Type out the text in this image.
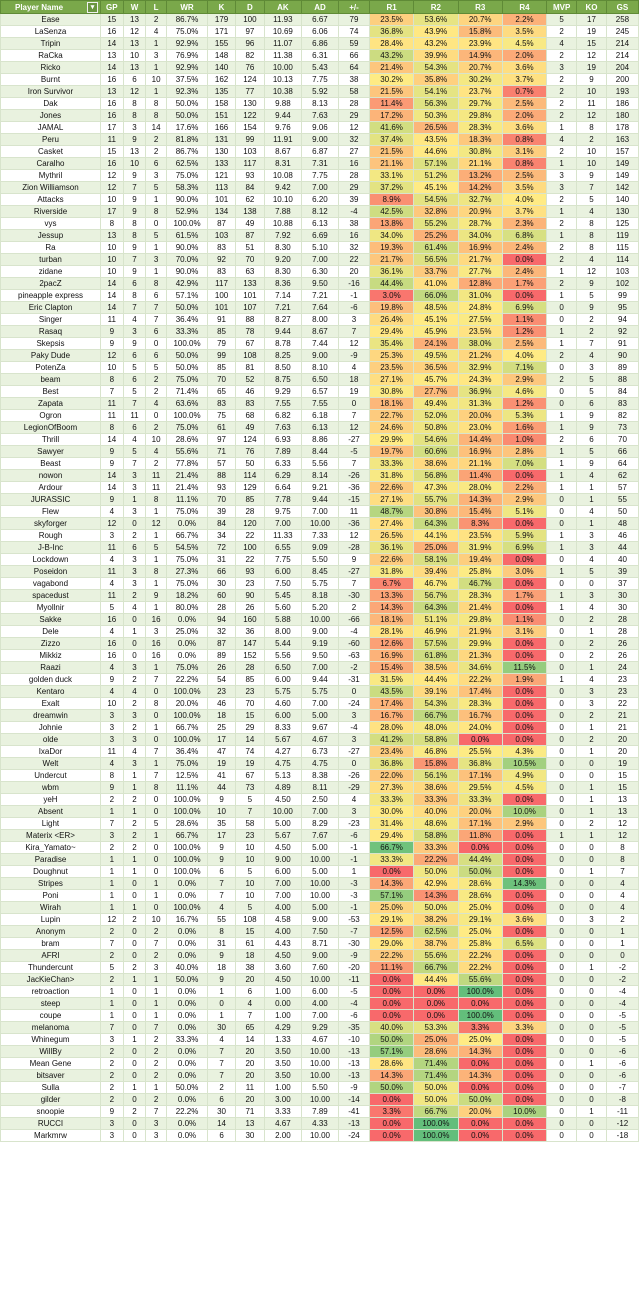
Player Name ▾	GP	W	L	WR	K	D	AK	AD	+/-	R1	R2	R3	R4	MVP	KO	GS
Ease	15	13	2	86.7%	179	100	11.93	6.67	79	23.5%	53.6%	20.7%	2.2%	5	17	258
LaSenza	16	12	4	75.0%	171	97	10.69	6.06	74	36.8%	43.9%	15.8%	3.5%	2	19	245
Tripin	14	13	1	92.9%	155	96	11.07	6.86	59	28.4%	43.2%	23.9%	4.5%	4	15	214
RaCka	13	10	3	76.9%	148	82	11.38	6.31	66	43.2%	39.9%	14.9%	2.0%	2	12	214
Ricko	14	13	1	92.9%	140	76	10.00	5.43	64	21.4%	54.3%	20.7%	3.6%	3	19	204
Burnt	16	6	10	37.5%	162	124	10.13	7.75	38	30.2%	35.8%	30.2%	3.7%	2	9	200
Iron Survivor	13	12	1	92.3%	135	77	10.38	5.92	58	21.5%	54.1%	23.7%	0.7%	2	10	193
Dak	16	8	8	50.0%	158	130	9.88	8.13	28	11.4%	56.3%	29.7%	2.5%	2	11	186
Jones	16	8	8	50.0%	151	122	9.44	7.63	29	17.2%	50.3%	29.8%	2.0%	2	12	180
JAMAL	17	3	14	17.6%	166	154	9.76	9.06	12	41.6%	26.5%	28.3%	3.6%	1	8	178
Peru	11	9	2	81.8%	131	99	11.91	9.00	32	37.4%	43.5%	18.3%	0.8%	4	2	163
Casket	15	13	2	86.7%	130	103	8.67	6.87	27	21.5%	44.6%	30.8%	3.1%	2	10	157
Caralho	16	10	6	62.5%	133	117	8.31	7.31	16	21.1%	57.1%	21.1%	0.8%	1	10	149
Mythril	12	9	3	75.0%	121	93	10.08	7.75	28	33.1%	51.2%	13.2%	2.5%	3	9	149
Zion Williamson	12	7	5	58.3%	113	84	9.42	7.00	29	37.2%	45.1%	14.2%	3.5%	3	7	142
Attacks	10	9	1	90.0%	101	62	10.10	6.20	39	8.9%	54.5%	32.7%	4.0%	2	5	140
Riverside	17	9	8	52.9%	134	138	7.88	8.12	-4	42.5%	32.8%	20.9%	3.7%	1	4	130
vys	8	8	0	100.0%	87	49	10.88	6.13	38	13.8%	55.2%	28.7%	2.3%	2	8	125
Jessup	13	8	5	61.5%	103	87	7.92	6.69	16	34.0%	25.2%	34.0%	6.8%	1	8	119
Ra	10	9	1	90.0%	83	51	8.30	5.10	32	19.3%	61.4%	16.9%	2.4%	2	8	115
turban	10	7	3	70.0%	92	70	9.20	7.00	22	21.7%	56.5%	21.7%	0.0%	2	4	114
zidane	10	9	1	90.0%	83	63	8.30	6.30	20	36.1%	33.7%	27.7%	2.4%	1	12	103
2pacZ	14	6	8	42.9%	117	133	8.36	9.50	-16	44.4%	41.0%	12.8%	1.7%	2	9	102
pineapple express	14	8	6	57.1%	100	101	7.14	7.21	-1	3.0%	66.0%	31.0%	0.0%	1	5	99
Eric Clapton	14	7	7	50.0%	101	107	7.21	7.64	-6	19.8%	48.5%	24.8%	6.9%	0	9	95
Singer	11	4	7	36.4%	91	88	8.27	8.00	3	26.4%	45.1%	27.5%	1.1%	0	2	94
Rasaq	9	3	6	33.3%	85	78	9.44	8.67	7	29.4%	45.9%	23.5%	1.2%	1	2	92
Skepsis	9	9	0	100.0%	79	67	8.78	7.44	12	35.4%	24.1%	38.0%	2.5%	1	7	91
Paky Dude	12	6	6	50.0%	99	108	8.25	9.00	-9	25.3%	49.5%	21.2%	4.0%	2	4	90
PotenZa	10	5	5	50.0%	85	81	8.50	8.10	4	23.5%	36.5%	32.9%	7.1%	0	3	89
beam	8	6	2	75.0%	70	52	8.75	6.50	18	27.1%	45.7%	24.3%	2.9%	2	5	88
Best	7	5	2	71.4%	65	46	9.29	6.57	19	30.8%	27.7%	36.9%	4.6%	0	5	84
Zapata	11	7	4	63.6%	83	83	7.55	7.55	0	18.1%	49.4%	31.3%	1.2%	0	6	83
Ogron	11	11	0	100.0%	75	68	6.82	6.18	7	22.7%	52.0%	20.0%	5.3%	1	9	82
LegionOfBoom	8	6	2	75.0%	61	49	7.63	6.13	12	24.6%	50.8%	23.0%	1.6%	1	9	73
Thrill	14	4	10	28.6%	97	124	6.93	8.86	-27	29.9%	54.6%	14.4%	1.0%	2	6	70
Sawyer	9	5	4	55.6%	71	76	7.89	8.44	-5	19.7%	60.6%	16.9%	2.8%	1	5	66
Beast	9	7	2	77.8%	57	50	6.33	5.56	7	33.3%	38.6%	21.1%	7.0%	1	9	64
nowon	14	3	11	21.4%	88	114	6.29	8.14	-26	31.8%	56.8%	11.4%	0.0%	1	4	62
Ardour	14	3	11	21.4%	93	129	6.64	9.21	-36	22.6%	47.3%	28.0%	2.2%	1	1	57
JURASSIC	9	1	8	11.1%	70	85	7.78	9.44	-15	27.1%	55.7%	14.3%	2.9%	0	1	55
Flew	4	3	1	75.0%	39	28	9.75	7.00	11	48.7%	30.8%	15.4%	5.1%	0	4	50
skyforger	12	0	12	0.0%	84	120	7.00	10.00	-36	27.4%	64.3%	8.3%	0.0%	0	1	48
Rough	3	2	1	66.7%	34	22	11.33	7.33	12	26.5%	44.1%	23.5%	5.9%	1	3	46
J-B-Inc	11	6	5	54.5%	72	100	6.55	9.09	-28	36.1%	25.0%	31.9%	6.9%	1	3	44
Lockdown	4	3	1	75.0%	31	22	7.75	5.50	9	22.6%	58.1%	19.4%	0.0%	0	4	40
Poseidon	11	3	8	27.3%	66	93	6.00	8.45	-27	31.8%	39.4%	25.8%	3.0%	1	5	39
vagabond	4	3	1	75.0%	30	23	7.50	5.75	7	6.7%	46.7%	46.7%	0.0%	0	0	37
spacedust	11	2	9	18.2%	60	90	5.45	8.18	-30	13.3%	56.7%	28.3%	1.7%	1	3	30
Myollnir	5	4	1	80.0%	28	26	5.60	5.20	2	14.3%	64.3%	21.4%	0.0%	1	4	30
Sakke	16	0	16	0.0%	94	160	5.88	10.00	-66	18.1%	51.1%	29.8%	1.1%	0	2	28
Dele	4	1	3	25.0%	32	36	8.00	9.00	-4	28.1%	46.9%	21.9%	3.1%	0	1	28
Zizzo	16	0	16	0.0%	87	147	5.44	9.19	-60	12.6%	57.5%	29.9%	0.0%	0	2	26
Mikkiz	16	0	16	0.0%	89	152	5.56	9.50	-63	16.9%	61.8%	21.3%	0.0%	0	2	26
Raazi	4	3	1	75.0%	26	28	6.50	7.00	-2	15.4%	38.5%	34.6%	11.5%	0	1	24
golden duck	9	2	7	22.2%	54	85	6.00	9.44	-31	31.5%	44.4%	22.2%	1.9%	1	4	23
Kentaro	4	4	0	100.0%	23	23	5.75	5.75	0	43.5%	39.1%	17.4%	0.0%	0	3	23
Exalt	10	2	8	20.0%	46	70	4.60	7.00	-24	17.4%	54.3%	28.3%	0.0%	0	3	22
dreamwin	3	3	0	100.0%	18	15	6.00	5.00	3	16.7%	66.7%	16.7%	0.0%	0	2	21
Johnie	3	2	1	66.7%	25	29	8.33	9.67	-4	28.0%	48.0%	24.0%	0.0%	0	1	21
olde	3	3	0	100.0%	17	14	5.67	4.67	3	41.2%	58.8%	0.0%	0.0%	0	2	20
IxaDor	11	4	7	36.4%	47	74	4.27	6.73	-27	23.4%	46.8%	25.5%	4.3%	0	1	20
Welt	4	3	1	75.0%	19	19	4.75	4.75	0	36.8%	15.8%	36.8%	10.5%	0	0	19
Undercut	8	1	7	12.5%	41	67	5.13	8.38	-26	22.0%	56.1%	17.1%	4.9%	0	0	15
wbm	9	1	8	11.1%	44	73	4.89	8.11	-29	27.3%	38.6%	29.5%	4.5%	0	1	15
yeH	2	2	0	100.0%	9	5	4.50	2.50	4	33.3%	33.3%	33.3%	0.0%	0	1	13
Absent	1	1	0	100.0%	10	7	10.00	7.00	3	30.0%	40.0%	20.0%	10.0%	0	1	13
Light	7	2	5	28.6%	35	58	5.00	8.29	-23	31.4%	48.6%	17.1%	2.9%	0	2	12
Materix <ER>	3	2	1	66.7%	17	23	5.67	7.67	-6	29.4%	58.8%	11.8%	0.0%	1	1	12
Kira_Yamato~	2	2	0	100.0%	9	10	4.50	5.00	-1	66.7%	33.3%	0.0%	0.0%	0	0	8
Paradise	1	1	0	100.0%	9	10	9.00	10.00	-1	33.3%	22.2%	44.4%	0.0%	0	0	8
Doughnut	1	1	0	100.0%	6	5	6.00	5.00	1	0.0%	50.0%	50.0%	0.0%	0	1	7
Stripes	1	0	1	0.0%	7	10	7.00	10.00	-3	14.3%	42.9%	28.6%	14.3%	0	0	4
Poni	1	0	1	0.0%	7	10	7.00	10.00	-3	57.1%	14.3%	28.6%	0.0%	0	0	4
Wirah	1	1	0	100.0%	4	5	4.00	5.00	-1	25.0%	50.0%	25.0%	0.0%	0	0	4
Lupin	12	2	10	16.7%	55	108	4.58	9.00	-53	29.1%	38.2%	29.1%	3.6%	0	3	2
Anonym	2	0	2	0.0%	8	15	4.00	7.50	-7	12.5%	62.5%	25.0%	0.0%	0	0	1
bram	7	0	7	0.0%	31	61	4.43	8.71	-30	29.0%	38.7%	25.8%	6.5%	0	0	1
AFRI	2	0	2	0.0%	9	18	4.50	9.00	-9	22.2%	55.6%	22.2%	0.0%	0	0	0
Thundercunt	5	2	3	40.0%	18	38	3.60	7.60	-20	11.1%	66.7%	22.2%	0.0%	0	1	-2
JacKieChan>	2	1	1	50.0%	9	20	4.50	10.00	-11	0.0%	44.4%	55.6%	0.0%	0	0	-2
retroaction	1	0	1	0.0%	1	6	1.00	6.00	-5	0.0%	0.0%	100.0%	0.0%	0	0	-4
steep	1	0	1	0.0%	0	4	0.00	4.00	-4	0.0%	0.0%	0.0%	0.0%	0	0	-4
coupe	1	0	1	0.0%	1	7	1.00	7.00	-6	0.0%	0.0%	100.0%	0.0%	0	0	-5
melanoma	7	0	7	0.0%	30	65	4.29	9.29	-35	40.0%	53.3%	3.3%	3.3%	0	0	-5
Whinegum	3	1	2	33.3%	4	14	1.33	4.67	-10	50.0%	25.0%	25.0%	0.0%	0	0	-5
WillBy	2	0	2	0.0%	7	20	3.50	10.00	-13	57.1%	28.6%	14.3%	0.0%	0	0	-6
Mean Gene	2	0	2	0.0%	7	20	3.50	10.00	-13	28.6%	71.4%	0.0%	0.0%	0	1	-6
bitsaver	2	0	2	0.0%	7	20	3.50	10.00	-13	14.3%	71.4%	14.3%	0.0%	0	0	-6
Sulla	2	1	1	50.0%	2	11	1.00	5.50	-9	50.0%	50.0%	0.0%	0.0%	0	0	-7
gilder	2	0	2	0.0%	6	20	3.00	10.00	-14	0.0%	50.0%	50.0%	0.0%	0	0	-8
snoopie	9	2	7	22.2%	30	71	3.33	7.89	-41	3.3%	66.7%	20.0%	10.0%	0	1	-11
RUCCI	3	0	3	0.0%	14	13	4.67	4.33	-13	0.0%	100.0%	0.0%	0.0%	0	0	-12
Markmrw	3	0	3	0.0%	6	30	2.00	10.00	-24	0.0%	100.0%	0.0%	0.0%	0	0	-18
